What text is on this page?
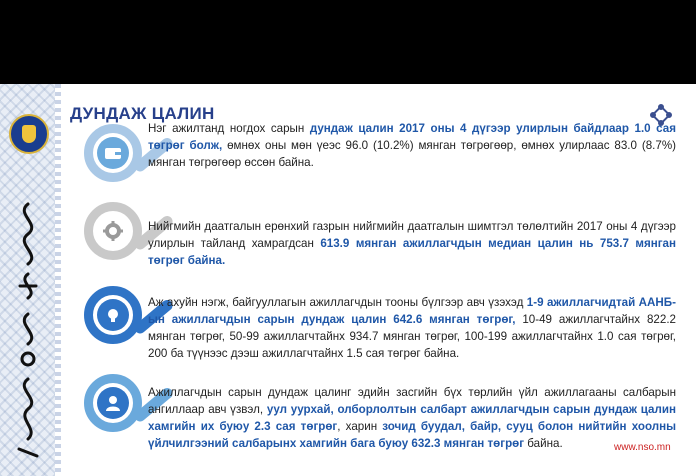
ДУНДАЖ ЦАЛИН

Нэг ажилтанд ногдох сарын дундаж цалин 2017 оны 4 дүгээр улирлын байдлаар 1.0 сая төгрөг болж, өмнөх оны мөн үеэс 96.0 (10.2%) мянган төгрөгөөр, өмнөх улирлаас 83.0 (8.7%) мянган төгрөгөөр өссөн байна.

Нийгмийн даатгалын ерөнхий газрын нийгмийн даатгалын шимтгэл төлөлтийн 2017 оны 4 дүгээр улирлын тайланд хамрагдсан 613.9 мянган ажиллагчдын медиан цалин нь 753.7 мянган төгрөг байна.

Аж ахуйн нэгж, байгууллагын ажиллагчдын тооны бүлгээр авч үзэхэд 1-9 ажиллагчидтай ААНБ-ын ажиллагчдын сарын дундаж цалин 642.6 мянган төгрөг, 10-49 ажиллагчтайнх 822.2 мянган төгрөг, 50-99 ажиллагчтайнх 934.7 мянган төгрөг, 100-199 ажиллагчтайнх 1.0 сая төгрөг, 200 ба түүнээс дээш ажиллагчтайнх 1.5 сая төгрөг байна.

Ажиллагчдын сарын дундаж цалинг эдийн засгийн бүх төрлийн үйл ажиллагааны салбарын ангиллаар авч үзвэл, уул уурхай, олборлолтын салбарт ажиллагчдын сарын дундаж цалин хамгийн их буюу 2.3 сая төгрөг, харин зочид буудал, байр, сууц болон нийтийн хоолны үйлчилгээний салбарынх хамгийн бага буюу 632.3 мянган төгрөг байна.	www.nso.mn
